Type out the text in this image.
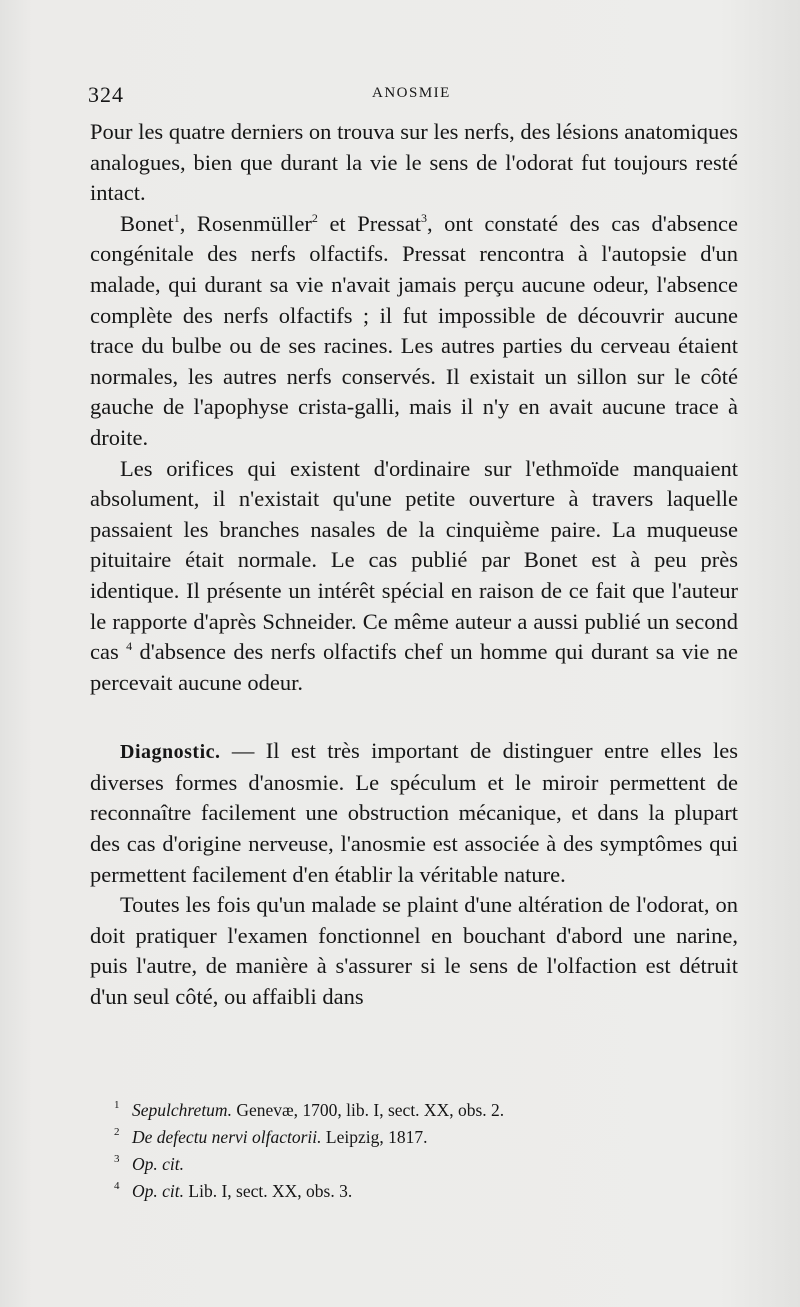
324	ANOSMIE

Pour les quatre derniers on trouva sur les nerfs, des lésions anatomiques analogues, bien que durant la vie le sens de l'odorat fut toujours resté intact.

Bonet$^1$, Rosenmüller$^2$ et Pressat$^3$, ont constaté des cas d'absence congénitale des nerfs olfactifs. Pressat rencontra à l'autopsie d'un malade, qui durant sa vie n'avait jamais perçu aucune odeur, l'absence complète des nerfs olfactifs ; il fut impossible de découvrir aucune trace du bulbe ou de ses racines. Les autres parties du cerveau étaient normales, les autres nerfs conservés. Il existait un sillon sur le côté gauche de l'apophyse crista-galli, mais il n'y en avait aucune trace à droite.

Les orifices qui existent d'ordinaire sur l'ethmoïde manquaient absolument, il n'existait qu'une petite ouverture à travers laquelle passaient les branches nasales de la cinquième paire. La muqueuse pituitaire était normale. Le cas publié par Bonet est à peu près identique. Il présente un intérêt spécial en raison de ce fait que l'auteur le rapporte d'après Schneider. Ce même auteur a aussi publié un second cas $^4$ d'absence des nerfs olfactifs chef un homme qui durant sa vie ne percevait aucune odeur.

Diagnostic. — Il est très important de distinguer entre elles les diverses formes d'anosmie. Le spéculum et le miroir permettent de reconnaître facilement une obstruction mécanique, et dans la plupart des cas d'origine nerveuse, l'anosmie est associée à des symptômes qui permettent facilement d'en établir la véritable nature.

Toutes les fois qu'un malade se plaint d'une altération de l'odorat, on doit pratiquer l'examen fonctionnel en bouchant d'abord une narine, puis l'autre, de manière à s'assurer si le sens de l'olfaction est détruit d'un seul côté, ou affaibli dans

1 Sepulchretum. Genevæ, 1700, lib. I, sect. XX, obs. 2.
2 De defectu nervi olfactorii. Leipzig, 1817.
3 Op. cit.
4 Op. cit. Lib. I, sect. XX, obs. 3.
